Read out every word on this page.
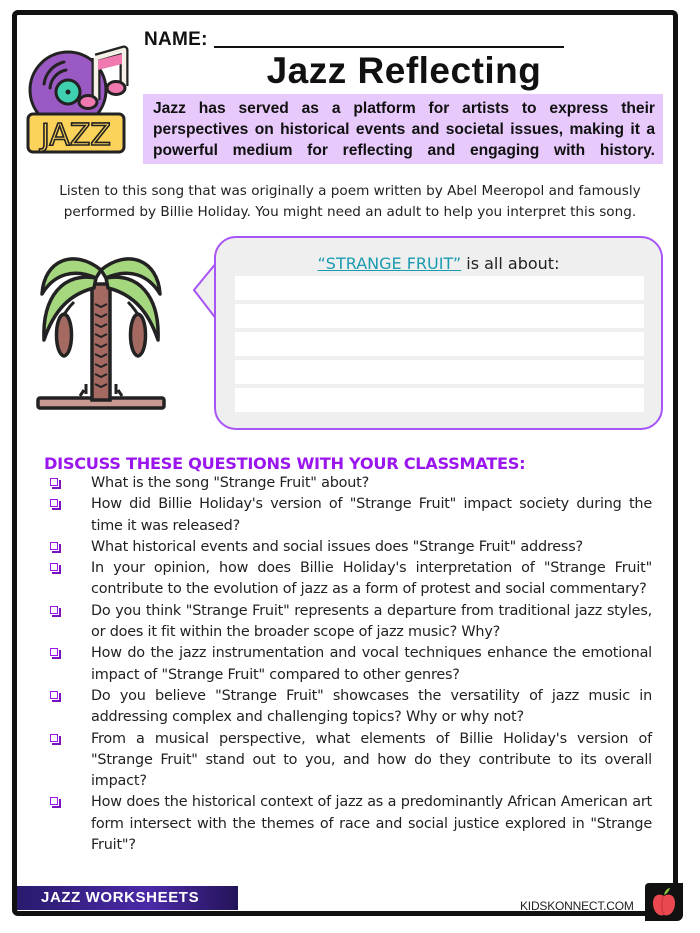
JAZZ
NAME:
Jazz Reflecting
Jazz has served as a platform for artists to express their perspectives on historical events and societal issues, making it a powerful medium for reflecting and engaging with history.
Listen to this song that was originally a poem written by Abel Meeropol and famously performed by Billie Holiday. You might need an adult to help you interpret this song.
“STRANGE FRUIT” is all about:
DISCUSS THESE QUESTIONS WITH YOUR CLASSMATES:
What is the song "Strange Fruit" about?
How did Billie Holiday's version of "Strange Fruit" impact society during the time it was released?
What historical events and social issues does "Strange Fruit" address?
In your opinion, how does Billie Holiday's interpretation of "Strange Fruit" contribute to the evolution of jazz as a form of protest and social commentary?
Do you think "Strange Fruit" represents a departure from traditional jazz styles, or does it fit within the broader scope of jazz music? Why?
How do the jazz instrumentation and vocal techniques enhance the emotional impact of "Strange Fruit" compared to other genres?
Do you believe "Strange Fruit" showcases the versatility of jazz music in addressing complex and challenging topics? Why or why not?
From a musical perspective, what elements of Billie Holiday's version of "Strange Fruit" stand out to you, and how do they contribute to its overall impact?
How does the historical context of jazz as a predominantly African American art form intersect with the themes of race and social justice explored in "Strange Fruit"?
JAZZ WORKSHEETS	KIDSKONNECT.COM
